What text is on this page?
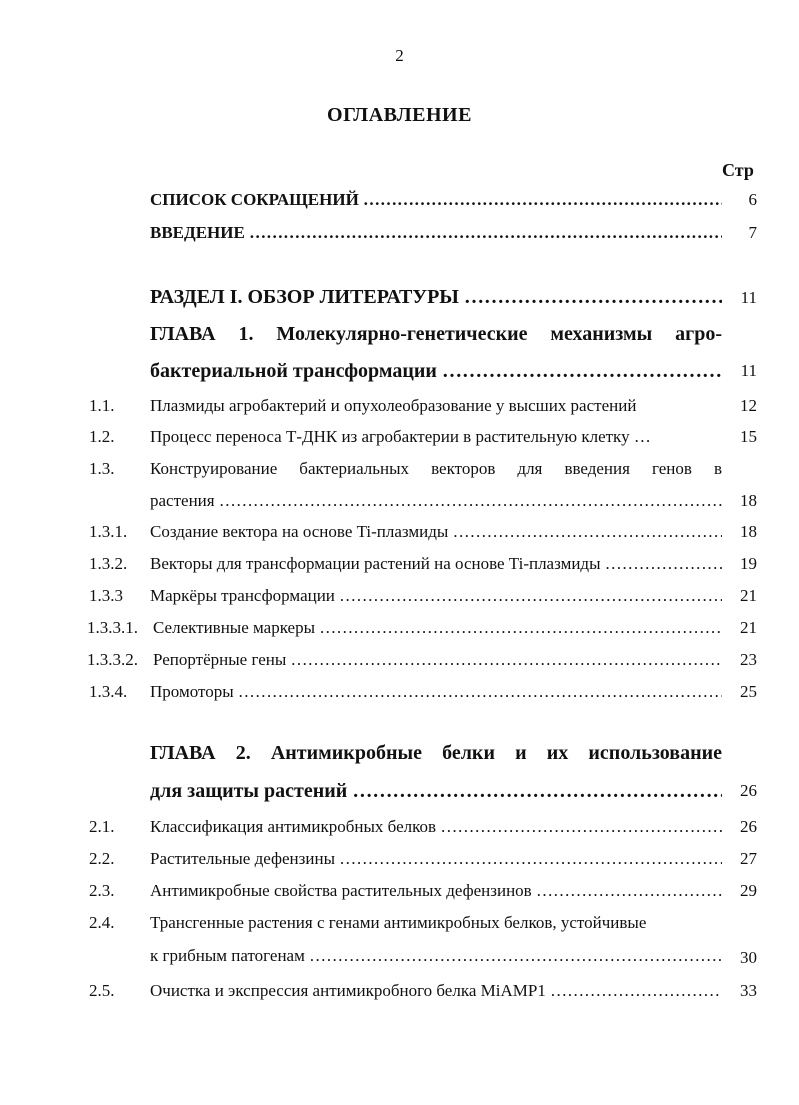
2
ОГЛАВЛЕНИЕ
Стр
СПИСОК СОКРАЩЕНИЙ ………………………………………………………………………………………………………………………………………………………………………………	6
ВВЕДЕНИЕ ………………………………………………………………………………………………………………………………………………………………………………	7
РАЗДЕЛ I. ОБЗОР ЛИТЕРАТУРЫ ………………………………………………………………………………………………………………………………………………………………………………	11
ГЛАВА 1. Молекулярно-генетические механизмы агро-
бактериальной трансформации ………………………………………………………………………………………………………………………………………………………………………………	11
1.1. Плазмиды агробактерий и опухолеобразование у высших растений	12
1.2. Процесс переноса Т-ДНК из агробактерии в растительную клетку …	15
1.3. Конструирование бактериальных векторов для введения генов в
растения ………………………………………………………………………………………………………………………………………………………………………………	18
1.3.1. Создание вектора на основе Ti-плазмиды ………………………………………………………………………………………………………………………………………………………………………………	18
1.3.2. Векторы для трансформации растений на основе Ti-плазмиды ………………………………………………………………………………………………………………………………………………………………………………	19
1.3.3 Маркёры трансформации ………………………………………………………………………………………………………………………………………………………………………………	21
1.3.3.1. Селективные маркеры ………………………………………………………………………………………………………………………………………………………………………………	21
1.3.3.2. Репортёрные гены ………………………………………………………………………………………………………………………………………………………………………………	23
1.3.4. Промоторы ………………………………………………………………………………………………………………………………………………………………………………	25
ГЛАВА 2. Антимикробные белки и их использование
для защиты растений ………………………………………………………………………………………………………………………………………………………………………………	26
2.1. Классификация антимикробных белков ………………………………………………………………………………………………………………………………………………………………………………	26
2.2. Растительные дефензины ………………………………………………………………………………………………………………………………………………………………………………	27
2.3. Антимикробные свойства растительных дефензинов ………………………………………………………………………………………………………………………………………………………………………………	29
2.4. Трансгенные растения с генами антимикробных белков, устойчивые
к грибным патогенам ………………………………………………………………………………………………………………………………………………………………………………	30
2.5. Очистка и экспрессия антимикробного белка MiAMP1 ………………………………………………………………………………………………………………………………………………………………………………	33
